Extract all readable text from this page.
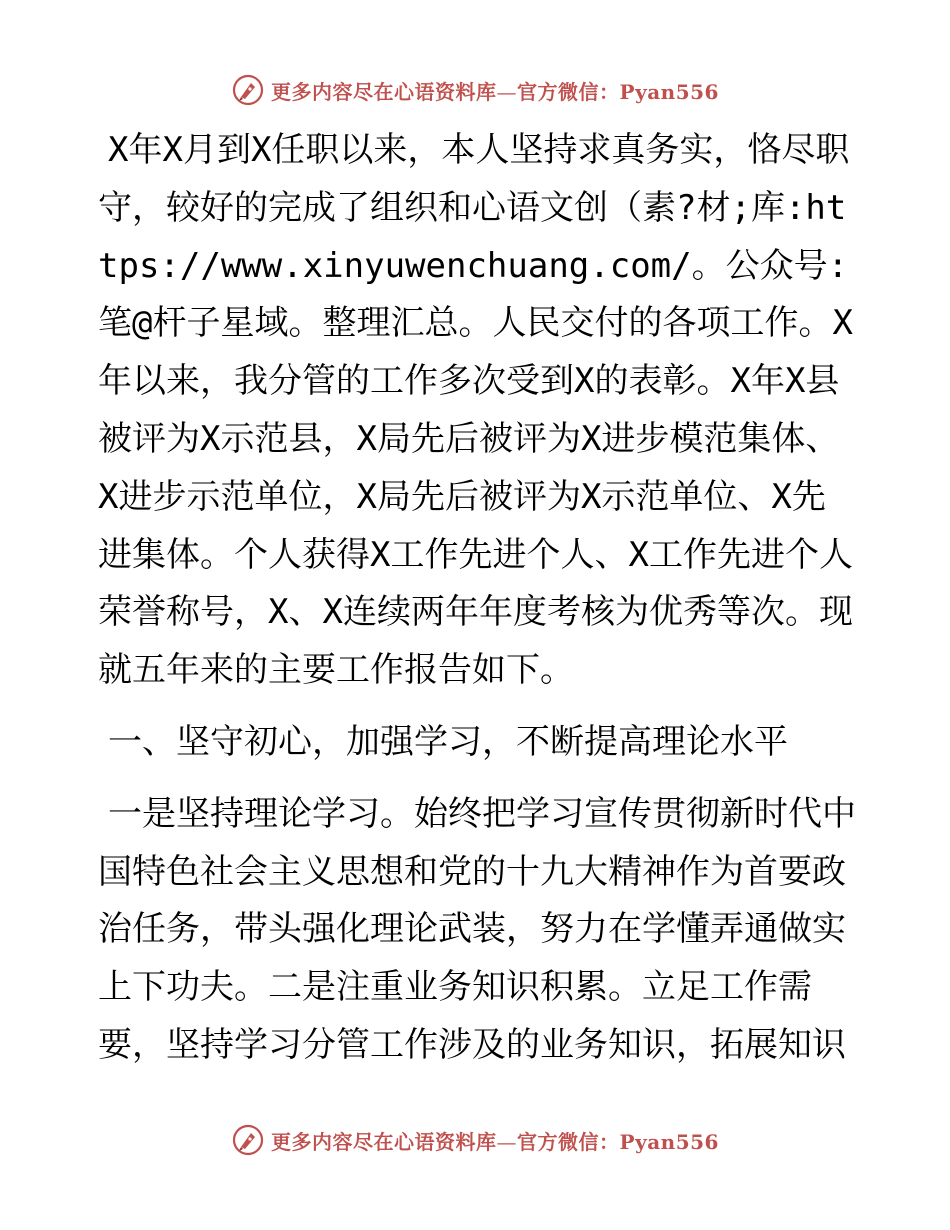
更多内容尽在心语资料库—官方微信：Pyan556

X年X月到X任职以来，本人坚持求真务实，恪尽职守，较好的完成了组织和心语文创（素?材;库:https://www.xinyuwenchuang.com/。公众号: 笔@杆子星域。整理汇总。人民交付的各项工作。X年以来，我分管的工作多次受到X的表彰。X年X县被评为X示范县，X局先后被评为X进步模范集体、X进步示范单位，X局先后被评为X示范单位、X先进集体。个人获得X工作先进个人、X工作先进个人荣誉称号，X、X连续两年年度考核为优秀等次。现就五年来的主要工作报告如下。

一、坚守初心，加强学习，不断提高理论水平

一是坚持理论学习。始终把学习宣传贯彻新时代中国特色社会主义思想和党的十九大精神作为首要政治任务，带头强化理论武装，努力在学懂弄通做实上下功夫。二是注重业务知识积累。立足工作需要，坚持学习分管工作涉及的业务知识，拓展知识

更多内容尽在心语资料库—官方微信：Pyan556
